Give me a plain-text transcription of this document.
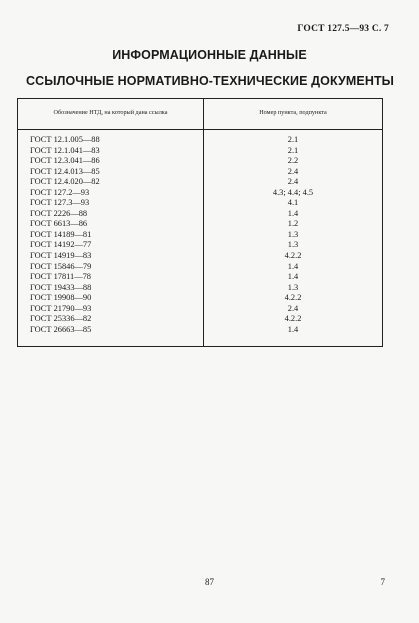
ГОСТ 127.5—93 С. 7
ИНФОРМАЦИОННЫЕ ДАННЫЕ
ССЫЛОЧНЫЕ НОРМАТИВНО-ТЕХНИЧЕСКИЕ ДОКУМЕНТЫ
Обозначение НТД, на который дана ссылка	Номер пункта, подпункта
ГОСТ 12.1.005—88	2.1
ГОСТ 12.1.041—83	2.1
ГОСТ 12.3.041—86	2.2
ГОСТ 12.4.013—85	2.4
ГОСТ 12.4.020—82	2.4
ГОСТ 127.2—93	4.3; 4.4; 4.5
ГОСТ 127.3—93	4.1
ГОСТ 2226—88	1.4
ГОСТ 6613—86	1.2
ГОСТ 14189—81	1.3
ГОСТ 14192—77	1.3
ГОСТ 14919—83	4.2.2
ГОСТ 15846—79	1.4
ГОСТ 17811—78	1.4
ГОСТ 19433—88	1.3
ГОСТ 19908—90	4.2.2
ГОСТ 21790—93	2.4
ГОСТ 25336—82	4.2.2
ГОСТ 26663—85	1.4
87	7
